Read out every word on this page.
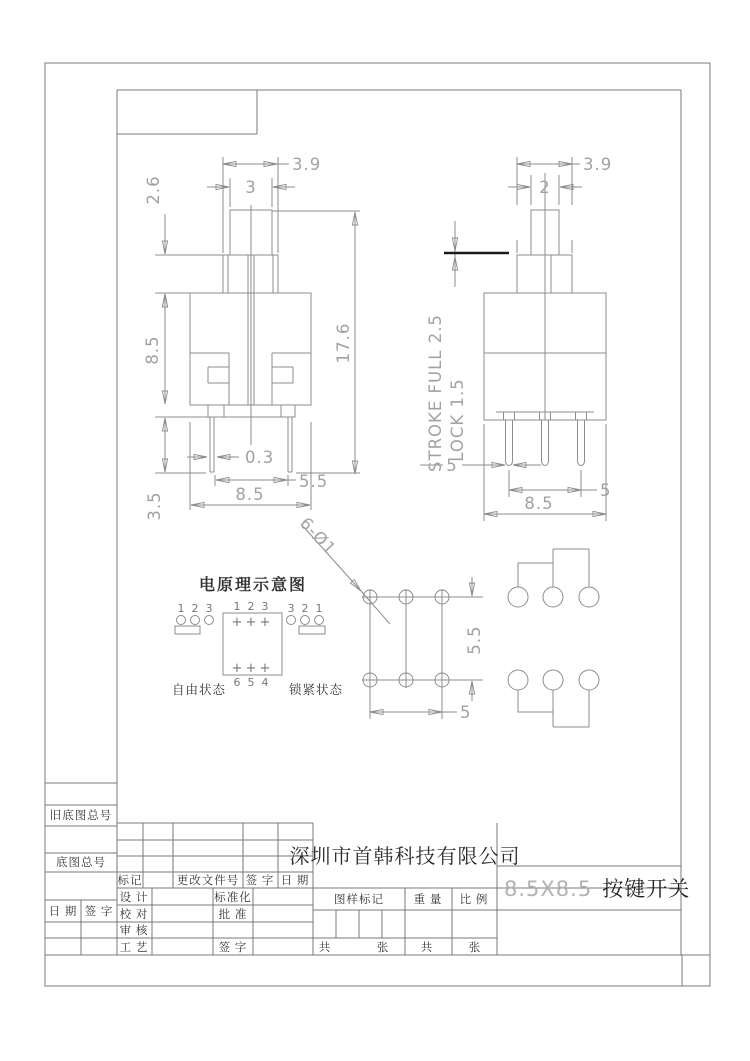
3.9
3
2.6
8.5
3.5
17.6
0.3
5.5
8.5
3.9
2
STROKE FULL 2.5 LOCK 1.5
5
5
8.5
5.5
5
6-Ø1
电原理示意图
1 2 3	3 2 1
1 2 3
+ + +
+ + +
6 5 4
自由状态	锁紧状态
旧底图总号
底图总号
日 期 签 字
标记	更改文件号 签 字 日 期
设 计	标准化
校 对	批 准
审 核
工 艺	签 字
深圳市首韩科技有限公司
图样标记	重 量 比 例
共	张	共	张
8.5X8.5 按键开关
